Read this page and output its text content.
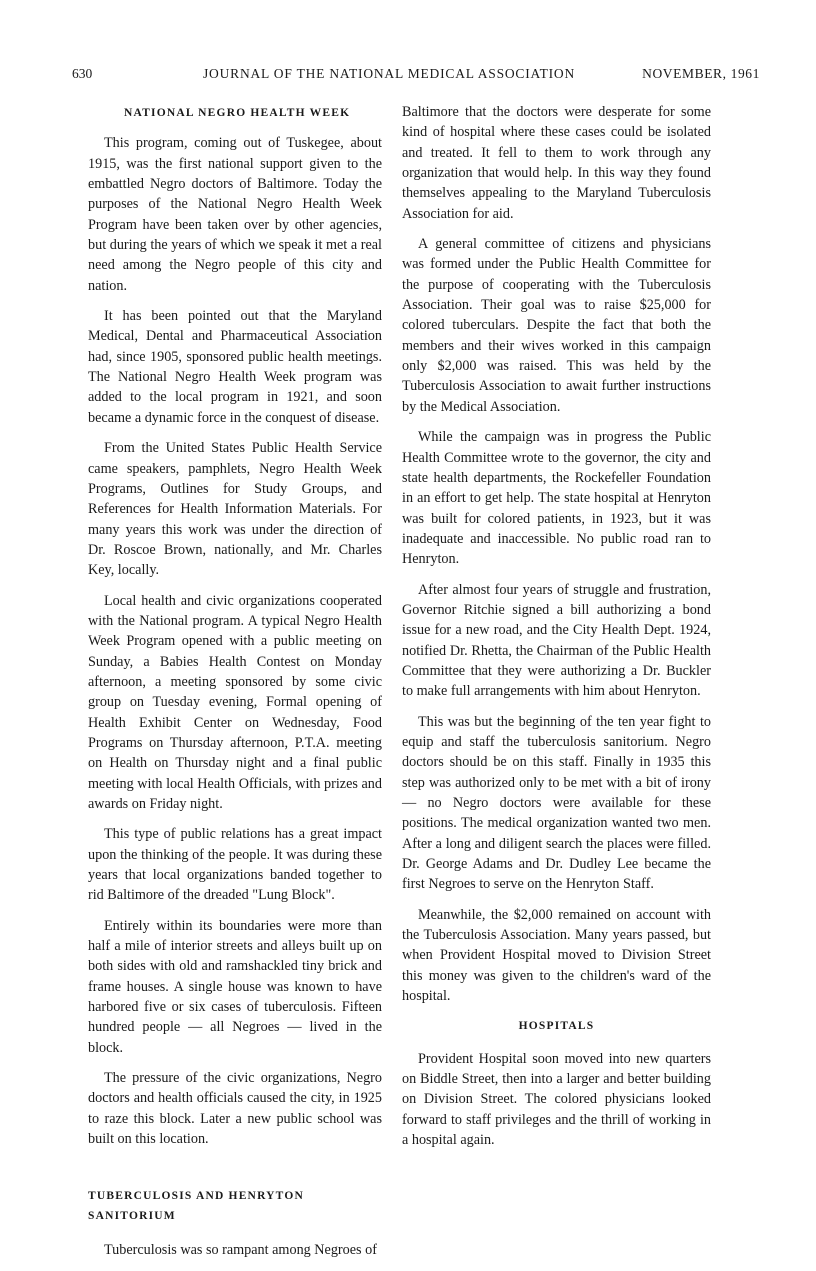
630	JOURNAL OF THE NATIONAL MEDICAL ASSOCIATION	NOVEMBER, 1961
NATIONAL NEGRO HEALTH WEEK

This program, coming out of Tuskegee, about 1915, was the first national support given to the embattled Negro doctors of Baltimore. Today the purposes of the National Negro Health Week Program have been taken over by other agencies, but during the years of which we speak it met a real need among the Negro people of this city and nation.

It has been pointed out that the Maryland Medical, Dental and Pharmaceutical Association had, since 1905, sponsored public health meetings. The National Negro Health Week program was added to the local program in 1921, and soon became a dynamic force in the conquest of disease.

From the United States Public Health Service came speakers, pamphlets, Negro Health Week Programs, Outlines for Study Groups, and References for Health Information Materials. For many years this work was under the direction of Dr. Roscoe Brown, nationally, and Mr. Charles Key, locally.

Local health and civic organizations cooperated with the National program. A typical Negro Health Week Program opened with a public meeting on Sunday, a Babies Health Contest on Monday afternoon, a meeting sponsored by some civic group on Tuesday evening, Formal opening of Health Exhibit Center on Wednesday, Food Programs on Thursday afternoon, P.T.A. meeting on Health on Thursday night and a final public meeting with local Health Officials, with prizes and awards on Friday night.

This type of public relations has a great impact upon the thinking of the people. It was during these years that local organizations banded together to rid Baltimore of the dreaded "Lung Block".

Entirely within its boundaries were more than half a mile of interior streets and alleys built up on both sides with old and ramshackled tiny brick and frame houses. A single house was known to have harbored five or six cases of tuberculosis. Fifteen hundred people — all Negroes — lived in the block.

The pressure of the civic organizations, Negro doctors and health officials caused the city, in 1925 to raze this block. Later a new public school was built on this location.

TUBERCULOSIS AND HENRYTON SANITORIUM

Tuberculosis was so rampant among Negroes of

Baltimore that the doctors were desperate for some kind of hospital where these cases could be isolated and treated. It fell to them to work through any organization that would help. In this way they found themselves appealing to the Maryland Tuberculosis Association for aid.

A general committee of citizens and physicians was formed under the Public Health Committee for the purpose of cooperating with the Tuberculosis Association. Their goal was to raise $25,000 for colored tuberculars. Despite the fact that both the members and their wives worked in this campaign only $2,000 was raised. This was held by the Tuberculosis Association to await further instructions by the Medical Association.

While the campaign was in progress the Public Health Committee wrote to the governor, the city and state health departments, the Rockefeller Foundation in an effort to get help. The state hospital at Henryton was built for colored patients, in 1923, but it was inadequate and inaccessible. No public road ran to Henryton.

After almost four years of struggle and frustration, Governor Ritchie signed a bill authorizing a bond issue for a new road, and the City Health Dept. 1924, notified Dr. Rhetta, the Chairman of the Public Health Committee that they were authorizing a Dr. Buckler to make full arrangements with him about Henryton.

This was but the beginning of the ten year fight to equip and staff the tuberculosis sanitorium. Negro doctors should be on this staff. Finally in 1935 this step was authorized only to be met with a bit of irony — no Negro doctors were available for these positions. The medical organization wanted two men. After a long and diligent search the places were filled. Dr. George Adams and Dr. Dudley Lee became the first Negroes to serve on the Henryton Staff.

Meanwhile, the $2,000 remained on account with the Tuberculosis Association. Many years passed, but when Provident Hospital moved to Division Street this money was given to the children's ward of the hospital.

HOSPITALS

Provident Hospital soon moved into new quarters on Biddle Street, then into a larger and better building on Division Street. The colored physicians looked forward to staff privileges and the thrill of working in a hospital again.
